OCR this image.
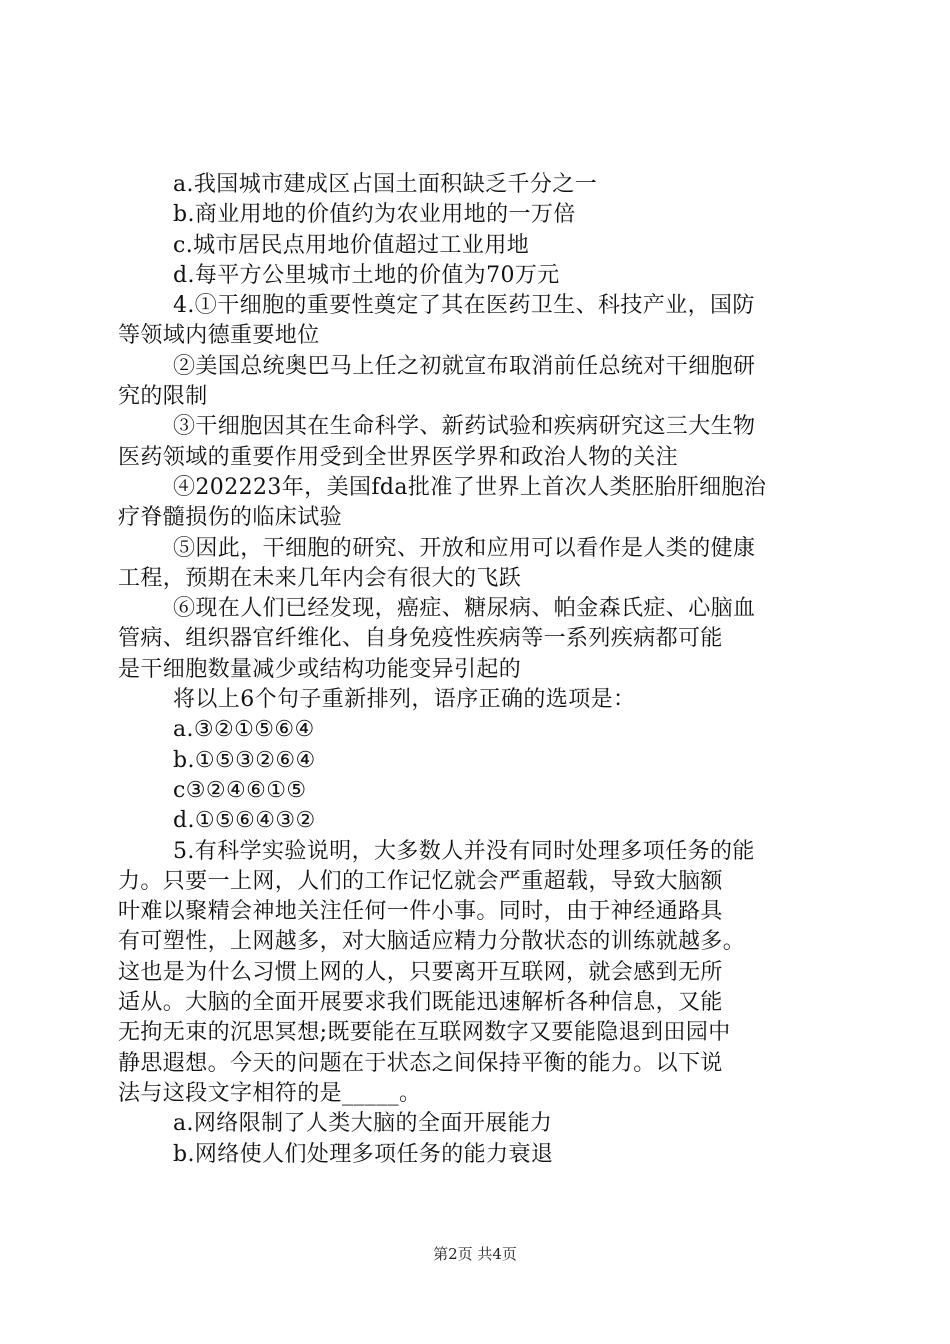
a.我国城市建成区占国土面积缺乏千分之一
b.商业用地的价值约为农业用地的一万倍
c.城市居民点用地价值超过工业用地
d.每平方公里城市土地的价值为70万元
4.①干细胞的重要性奠定了其在医药卫生、科技产业，国防
等领域内德重要地位
②美国总统奥巴马上任之初就宣布取消前任总统对干细胞研
究的限制
③干细胞因其在生命科学、新药试验和疾病研究这三大生物
医药领域的重要作用受到全世界医学界和政治人物的关注
④202223年，美国fda批准了世界上首次人类胚胎肝细胞治
疗脊髓损伤的临床试验
⑤因此，干细胞的研究、开放和应用可以看作是人类的健康
工程，预期在未来几年内会有很大的飞跃
⑥现在人们已经发现，癌症、糖尿病、帕金森氏症、心脑血
管病、组织器官纤维化、自身免疫性疾病等一系列疾病都可能
是干细胞数量减少或结构功能变异引起的
将以上6个句子重新排列，语序正确的选项是：
a.③②①⑤⑥④
b.①⑤③②⑥④
c③②④⑥①⑤
d.①⑤⑥④③②
5.有科学实验说明，大多数人并没有同时处理多项任务的能
力。只要一上网，人们的工作记忆就会严重超载，导致大脑额
叶难以聚精会神地关注任何一件小事。同时，由于神经通路具
有可塑性，上网越多，对大脑适应精力分散状态的训练就越多。
这也是为什么习惯上网的人，只要离开互联网，就会感到无所
适从。大脑的全面开展要求我们既能迅速解析各种信息，又能
无拘无束的沉思冥想;既要能在互联网数字又要能隐退到田园中
静思遐想。今天的问题在于状态之间保持平衡的能力。以下说
法与这段文字相符的是_____。
a.网络限制了人类大脑的全面开展能力
b.网络使人们处理多项任务的能力衰退
第2页 共4页
